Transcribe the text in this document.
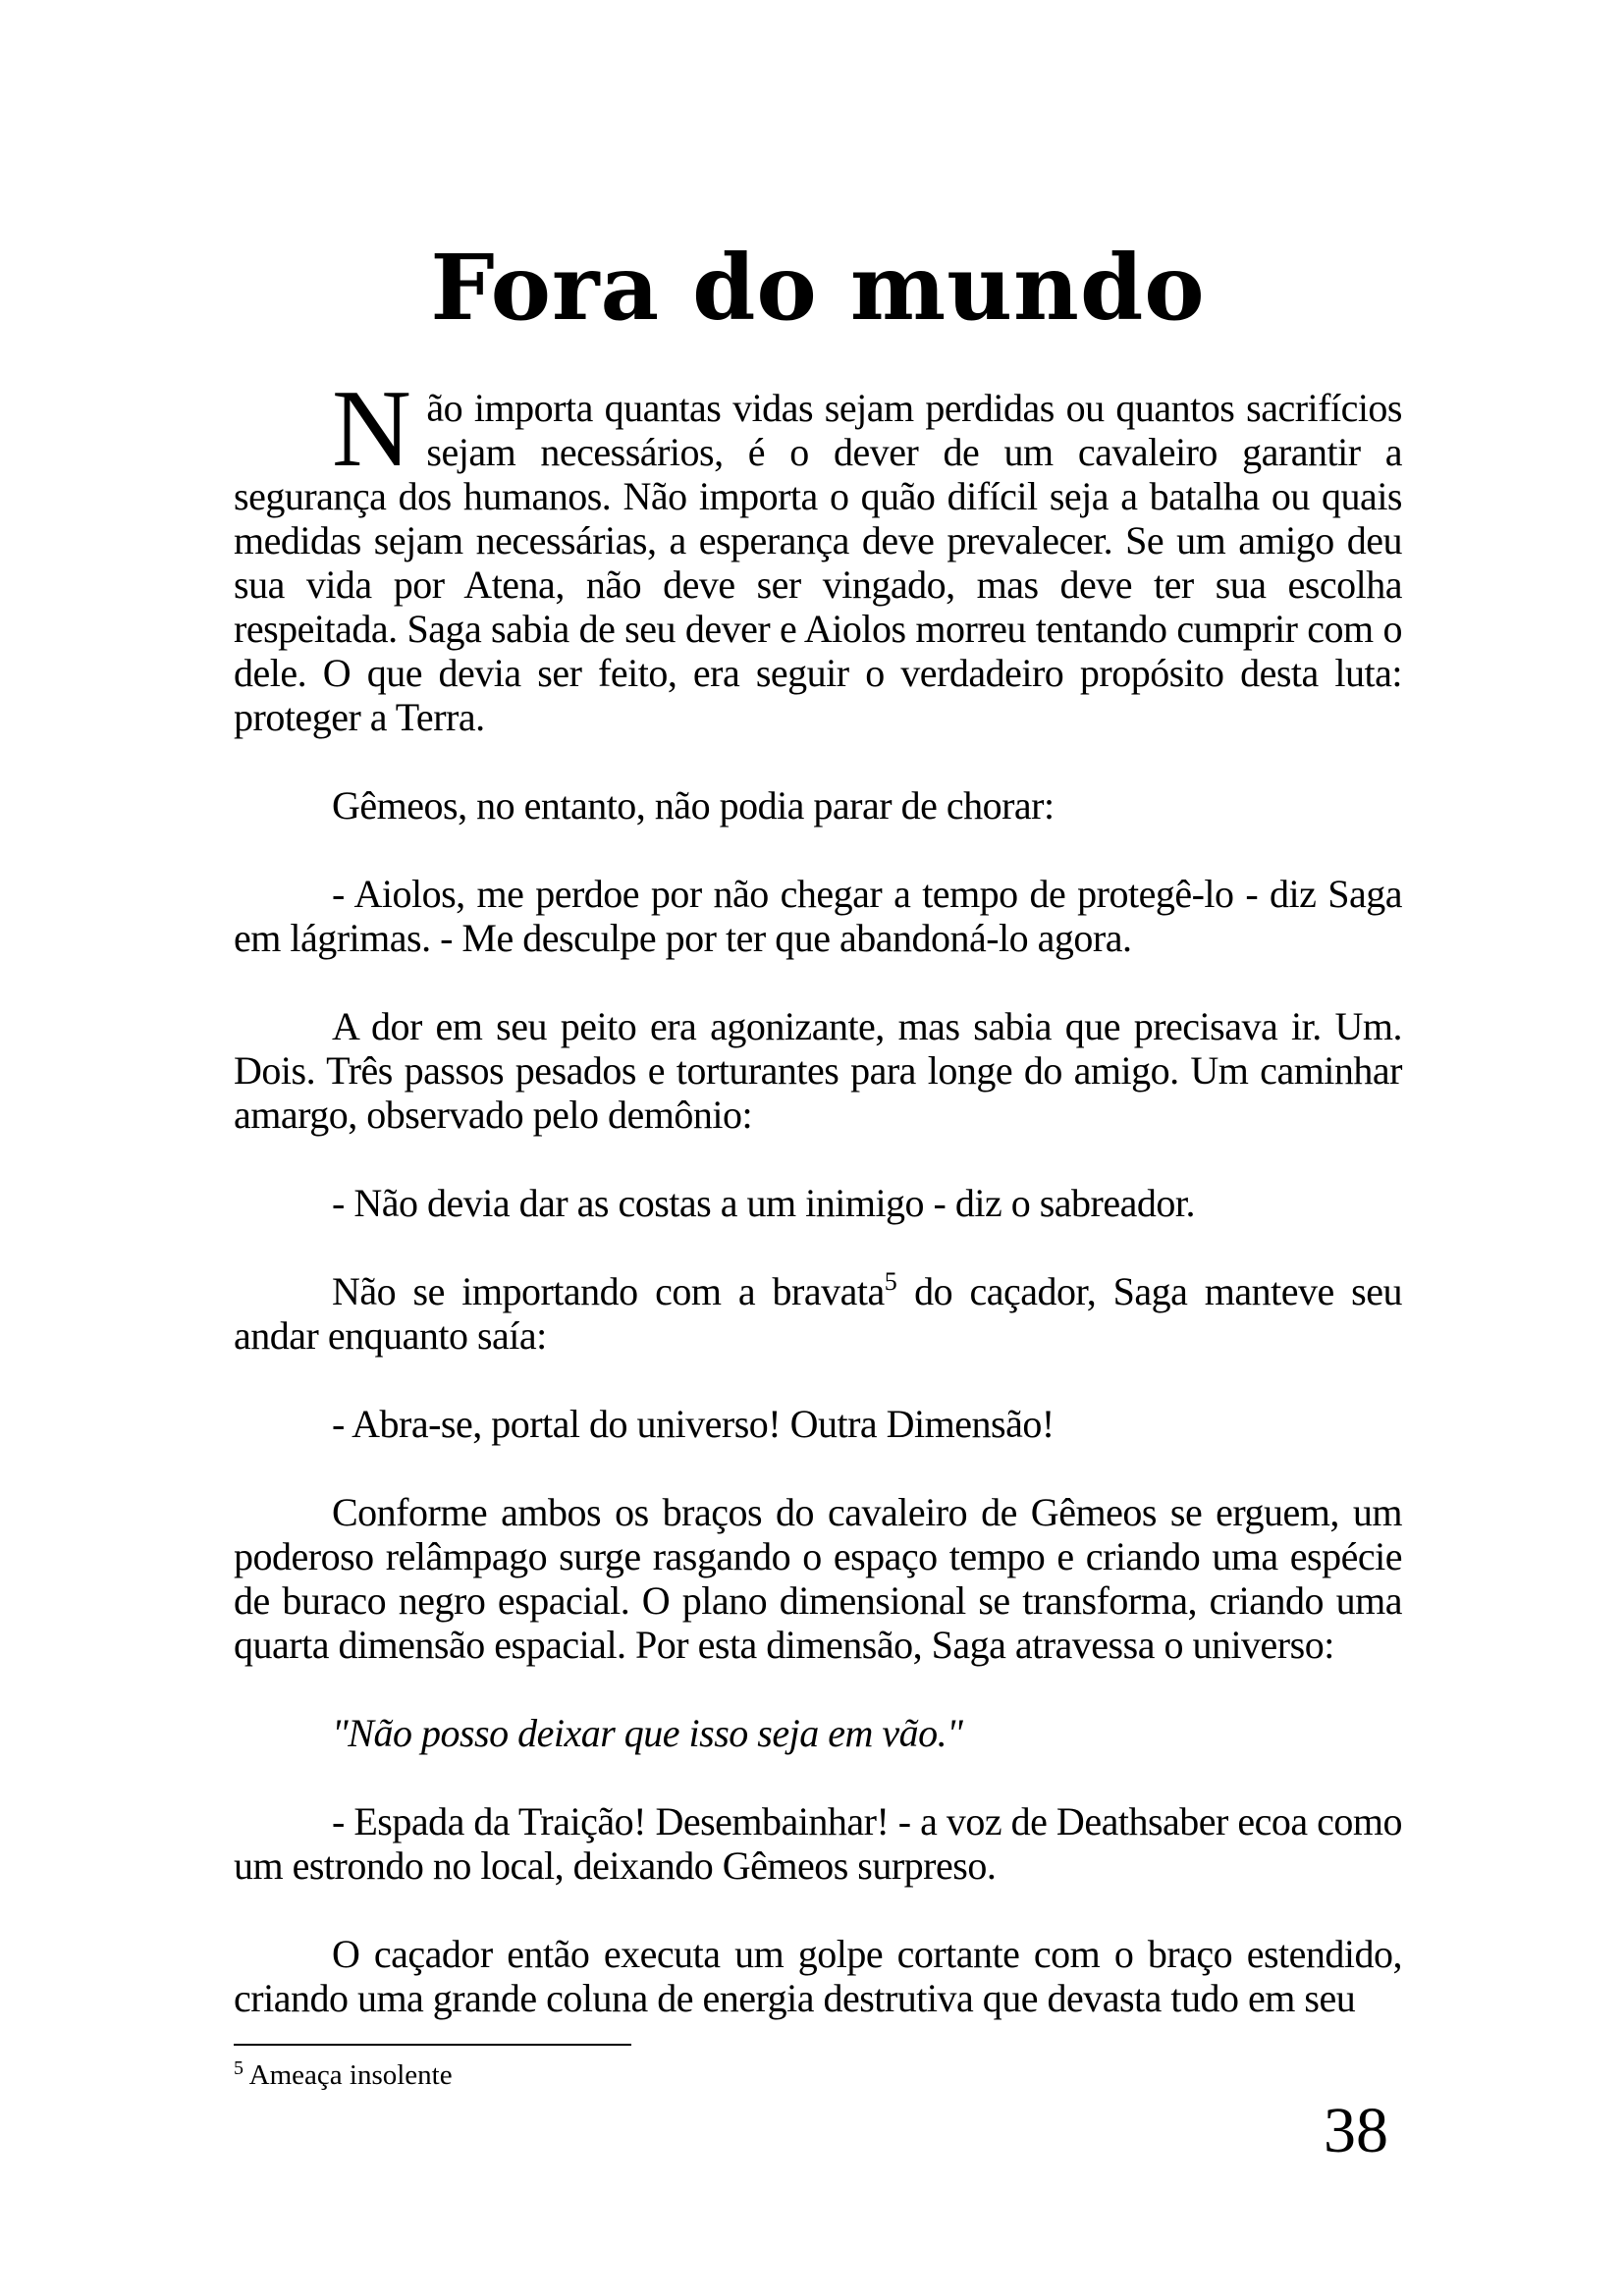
Fora do mundo

Não importa quantas vidas sejam perdidas ou quantos sacrifícios sejam necessários, é o dever de um cavaleiro garantir a segurança dos humanos. Não importa o quão difícil seja a batalha ou quais medidas sejam necessárias, a esperança deve prevalecer. Se um amigo deu sua vida por Atena, não deve ser vingado, mas deve ter sua escolha respeitada. Saga sabia de seu dever e Aiolos morreu tentando cumprir com o dele. O que devia ser feito, era seguir o verdadeiro propósito desta luta: proteger a Terra.

Gêmeos, no entanto, não podia parar de chorar:

- Aiolos, me perdoe por não chegar a tempo de protegê-lo - diz Saga em lágrimas. - Me desculpe por ter que abandoná-lo agora.

A dor em seu peito era agonizante, mas sabia que precisava ir. Um. Dois. Três passos pesados e torturantes para longe do amigo. Um caminhar amargo, observado pelo demônio:

- Não devia dar as costas a um inimigo - diz o sabreador.

Não se importando com a bravata$^5$ do caçador, Saga manteve seu andar enquanto saía:

- Abra-se, portal do universo! Outra Dimensão!

Conforme ambos os braços do cavaleiro de Gêmeos se erguem, um poderoso relâmpago surge rasgando o espaço tempo e criando uma espécie de buraco negro espacial. O plano dimensional se transforma, criando uma quarta dimensão espacial. Por esta dimensão, Saga atravessa o universo:

"Não posso deixar que isso seja em vão."

- Espada da Traição! Desembainhar! - a voz de Deathsaber ecoa como um estrondo no local, deixando Gêmeos surpreso.

O caçador então executa um golpe cortante com o braço estendido, criando uma grande coluna de energia destrutiva que devasta tudo em seu

$^5$ Ameaça insolente

38
